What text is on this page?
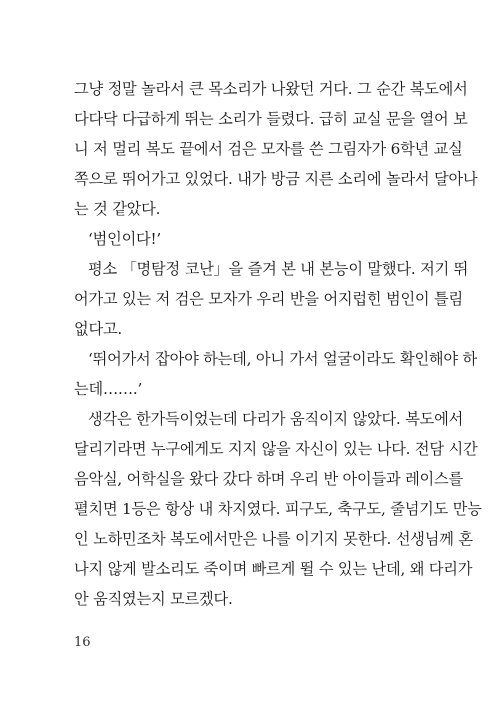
그냥 정말 놀라서 큰 목소리가 나왔던 거다. 그 순간 복도에서
다다닥 다급하게 뛰는 소리가 들렸다. 급히 교실 문을 열어 보
니 저 멀리 복도 끝에서 검은 모자를 쓴 그림자가 6학년 교실
쪽으로 뛰어가고 있었다. 내가 방금 지른 소리에 놀라서 달아나
는 것 같았다.
‘범인이다!’
평소 「명탐정 코난」을 즐겨 본 내 본능이 말했다. 저기 뛰
어가고 있는 저 검은 모자가 우리 반을 어지럽힌 범인이 틀림
없다고.
‘뛰어가서 잡아야 하는데, 아니 가서 얼굴이라도 확인해야 하
는데…….’
생각은 한가득이었는데 다리가 움직이지 않았다. 복도에서
달리기라면 누구에게도 지지 않을 자신이 있는 나다. 전담 시간
음악실, 어학실을 왔다 갔다 하며 우리 반 아이들과 레이스를
펼치면 1등은 항상 내 차지였다. 피구도, 축구도, 줄넘기도 만능
인 노하민조차 복도에서만은 나를 이기지 못한다. 선생님께 혼
나지 않게 발소리도 죽이며 빠르게 뛸 수 있는 난데, 왜 다리가
안 움직였는지 모르겠다.
16
